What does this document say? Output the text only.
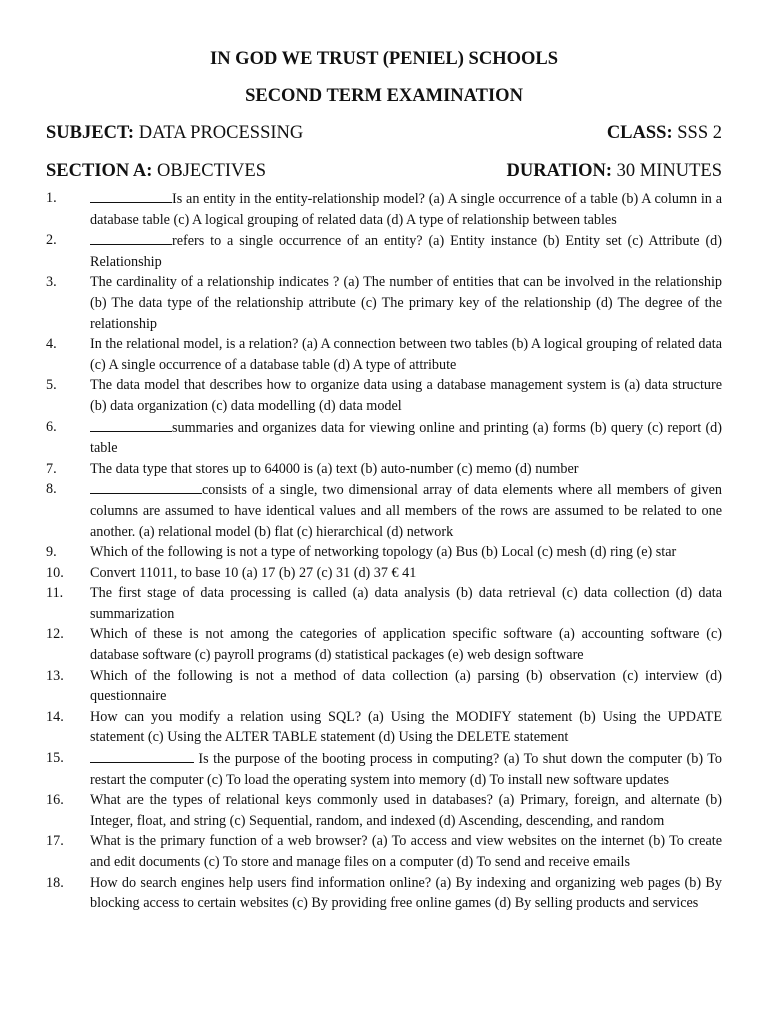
IN GOD WE TRUST (PENIEL) SCHOOLS
SECOND TERM EXAMINATION
SUBJECT: DATA PROCESSING	CLASS: SSS 2
SECTION A: OBJECTIVES	DURATION: 30 MINUTES
1.	Is an entity in the entity-relationship model? (a) A single occurrence of a table (b) A column in a database table (c) A logical grouping of related data (d) A type of relationship between tables
2.	refers to a single occurrence of an entity? (a) Entity instance (b) Entity set (c) Attribute (d) Relationship
3.	The cardinality of a relationship indicates ? (a) The number of entities that can be involved in the relationship (b) The data type of the relationship attribute (c) The primary key of the relationship (d) The degree of the relationship
4.	In the relational model, is a relation? (a) A connection between two tables (b) A logical grouping of related data (c) A single occurrence of a database table (d) A type of attribute
5.	The data model that describes how to organize data using a database management system is (a) data structure (b) data organization (c) data modelling (d) data model
6.	summaries and organizes data for viewing online and printing (a) forms (b) query (c) report (d) table
7.	The data type that stores up to 64000 is (a) text (b) auto-number (c) memo (d) number
8.	consists of a single, two dimensional array of data elements where all members of given columns are assumed to have identical values and all members of the rows are assumed to be related to one another. (a) relational model (b) flat (c) hierarchical (d) network
9.	Which of the following is not a type of networking topology (a) Bus (b) Local (c) mesh (d) ring (e) star
10.	Convert 11011, to base 10 (a) 17 (b) 27 (c) 31 (d) 37 € 41
11.	The first stage of data processing is called (a) data analysis (b) data retrieval (c) data collection (d) data summarization
12.	Which of these is not among the categories of application specific software (a) accounting software (c) database software (c) payroll programs (d) statistical packages (e) web design software
13.	Which of the following is not a method of data collection (a) parsing (b) observation (c) interview (d) questionnaire
14.	How can you modify a relation using SQL? (a) Using the MODIFY statement (b) Using the UPDATE statement (c) Using the ALTER TABLE statement (d) Using the DELETE statement
15.	Is the purpose of the booting process in computing? (a) To shut down the computer (b) To restart the computer (c) To load the operating system into memory (d) To install new software updates
16.	What are the types of relational keys commonly used in databases? (a) Primary, foreign, and alternate (b) Integer, float, and string (c) Sequential, random, and indexed (d) Ascending, descending, and random
17.	What is the primary function of a web browser? (a) To access and view websites on the internet (b) To create and edit documents (c) To store and manage files on a computer (d) To send and receive emails
18.	How do search engines help users find information online? (a) By indexing and organizing web pages (b) By blocking access to certain websites (c) By providing free online games (d) By selling products and services
